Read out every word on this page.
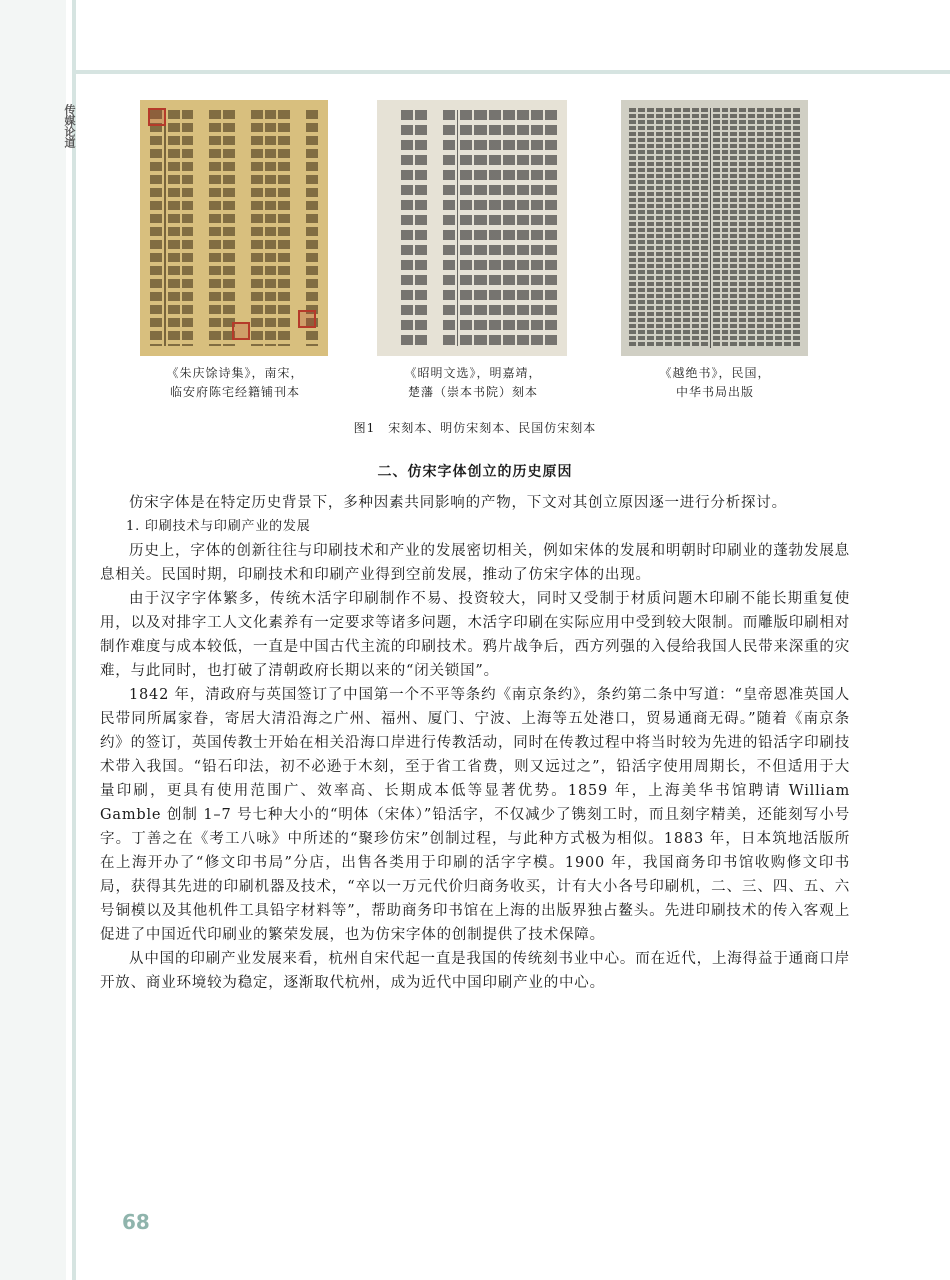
传媒论道
《朱庆馀诗集》，南宋，
临安府陈宅经籍铺刊本
《昭明文选》，明嘉靖，
楚藩（崇本书院）刻本
《越绝书》，民国，
中华书局出版
图1　宋刻本、明仿宋刻本、民国仿宋刻本
二、仿宋字体创立的历史原因

仿宋字体是在特定历史背景下，多种因素共同影响的产物，下文对其创立原因逐一进行分析探讨。

1. 印刷技术与印刷产业的发展

历史上，字体的创新往往与印刷技术和产业的发展密切相关，例如宋体的发展和明朝时印刷业的蓬勃发展息息相关。民国时期，印刷技术和印刷产业得到空前发展，推动了仿宋字体的出现。

由于汉字字体繁多，传统木活字印刷制作不易、投资较大，同时又受制于材质问题木印刷不能长期重复使用，以及对排字工人文化素养有一定要求等诸多问题，木活字印刷在实际应用中受到较大限制。而雕版印刷相对制作难度与成本较低，一直是中国古代主流的印刷技术。鸦片战争后，西方列强的入侵给我国人民带来深重的灾难，与此同时，也打破了清朝政府长期以来的“闭关锁国”。

1842 年，清政府与英国签订了中国第一个不平等条约《南京条约》，条约第二条中写道：“皇帝恩准英国人民带同所属家眷，寄居大清沿海之广州、福州、厦门、宁波、上海等五处港口，贸易通商无碍。”随着《南京条约》的签订，英国传教士开始在相关沿海口岸进行传教活动，同时在传教过程中将当时较为先进的铅活字印刷技术带入我国。“铅石印法，初不必逊于木刻，至于省工省费，则又远过之”，铅活字使用周期长，不但适用于大量印刷，更具有使用范围广、效率高、长期成本低等显著优势。1859 年，上海美华书馆聘请 William Gamble 创制 1–7 号七种大小的“明体（宋体）”铅活字，不仅减少了镌刻工时，而且刻字精美，还能刻写小号字。丁善之在《考工八咏》中所述的“聚珍仿宋”创制过程，与此种方式极为相似。1883 年，日本筑地活版所在上海开办了“修文印书局”分店，出售各类用于印刷的活字字模。1900 年，我国商务印书馆收购修文印书局，获得其先进的印刷机器及技术，“卒以一万元代价归商务收买，计有大小各号印刷机，二、三、四、五、六号铜模以及其他机件工具铅字材料等”，帮助商务印书馆在上海的出版界独占鳌头。先进印刷技术的传入客观上促进了中国近代印刷业的繁荣发展，也为仿宋字体的创制提供了技术保障。

从中国的印刷产业发展来看，杭州自宋代起一直是我国的传统刻书业中心。而在近代，上海得益于通商口岸开放、商业环境较为稳定，逐渐取代杭州，成为近代中国印刷产业的中心。

68
